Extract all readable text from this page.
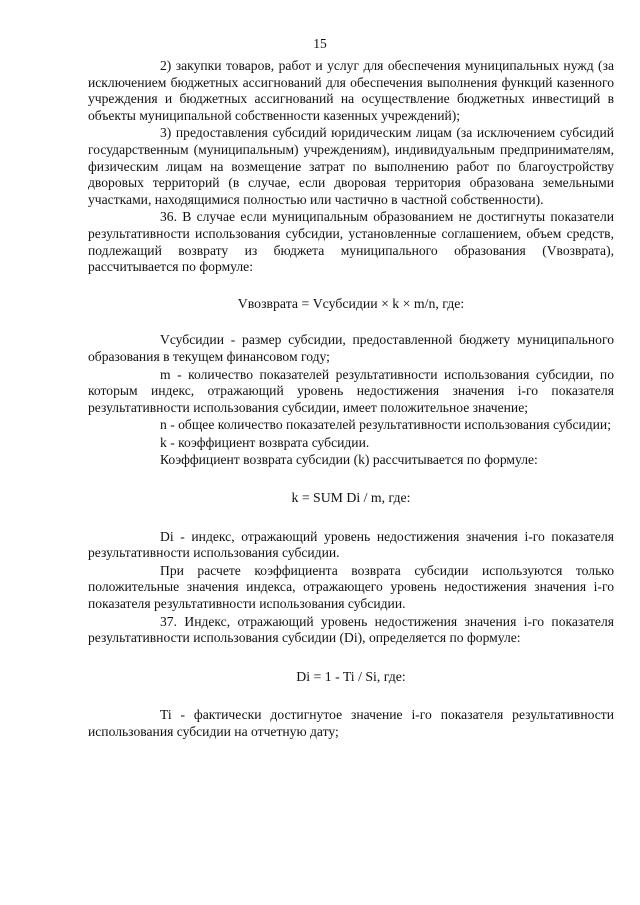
15

2) закупки товаров, работ и услуг для обеспечения муниципальных нужд (за исключением бюджетных ассигнований для обеспечения выполнения функций казенного учреждения и бюджетных ассигнований на осуществление бюджетных инвестиций в объекты муниципальной собственности казенных учреждений);

3) предоставления субсидий юридическим лицам (за исключением субсидий государственным (муниципальным) учреждениям), индивидуальным предпринимателям, физическим лицам на возмещение затрат по выполнению работ по благоустройству дворовых территорий (в случае, если дворовая территория образована земельными участками, находящимися полностью или частично в частной собственности).

36. В случае если муниципальным образованием не достигнуты показатели результативности использования субсидии, установленные соглашением, объем средств, подлежащий возврату из бюджета муниципального образования (Vвозврата), рассчитывается по формуле:

Vвозврата = Vсубсидии × k × m/n, где:

Vсубсидии - размер субсидии, предоставленной бюджету муниципального образования в текущем финансовом году;

m - количество показателей результативности использования субсидии, по которым индекс, отражающий уровень недостижения значения i-го показателя результативности использования субсидии, имеет положительное значение;

n - общее количество показателей результативности использования субсидии;

k - коэффициент возврата субсидии.

Коэффициент возврата субсидии (k) рассчитывается по формуле:

k = SUM Di / m, где:

Di - индекс, отражающий уровень недостижения значения i-го показателя результативности использования субсидии.

При расчете коэффициента возврата субсидии используются только положительные значения индекса, отражающего уровень недостижения значения i-го показателя результативности использования субсидии.

37. Индекс, отражающий уровень недостижения значения i-го показателя результативности использования субсидии (Di), определяется по формуле:

Di = 1 - Ti / Si, где:

Ti - фактически достигнутое значение i-го показателя результативности использования субсидии на отчетную дату;
